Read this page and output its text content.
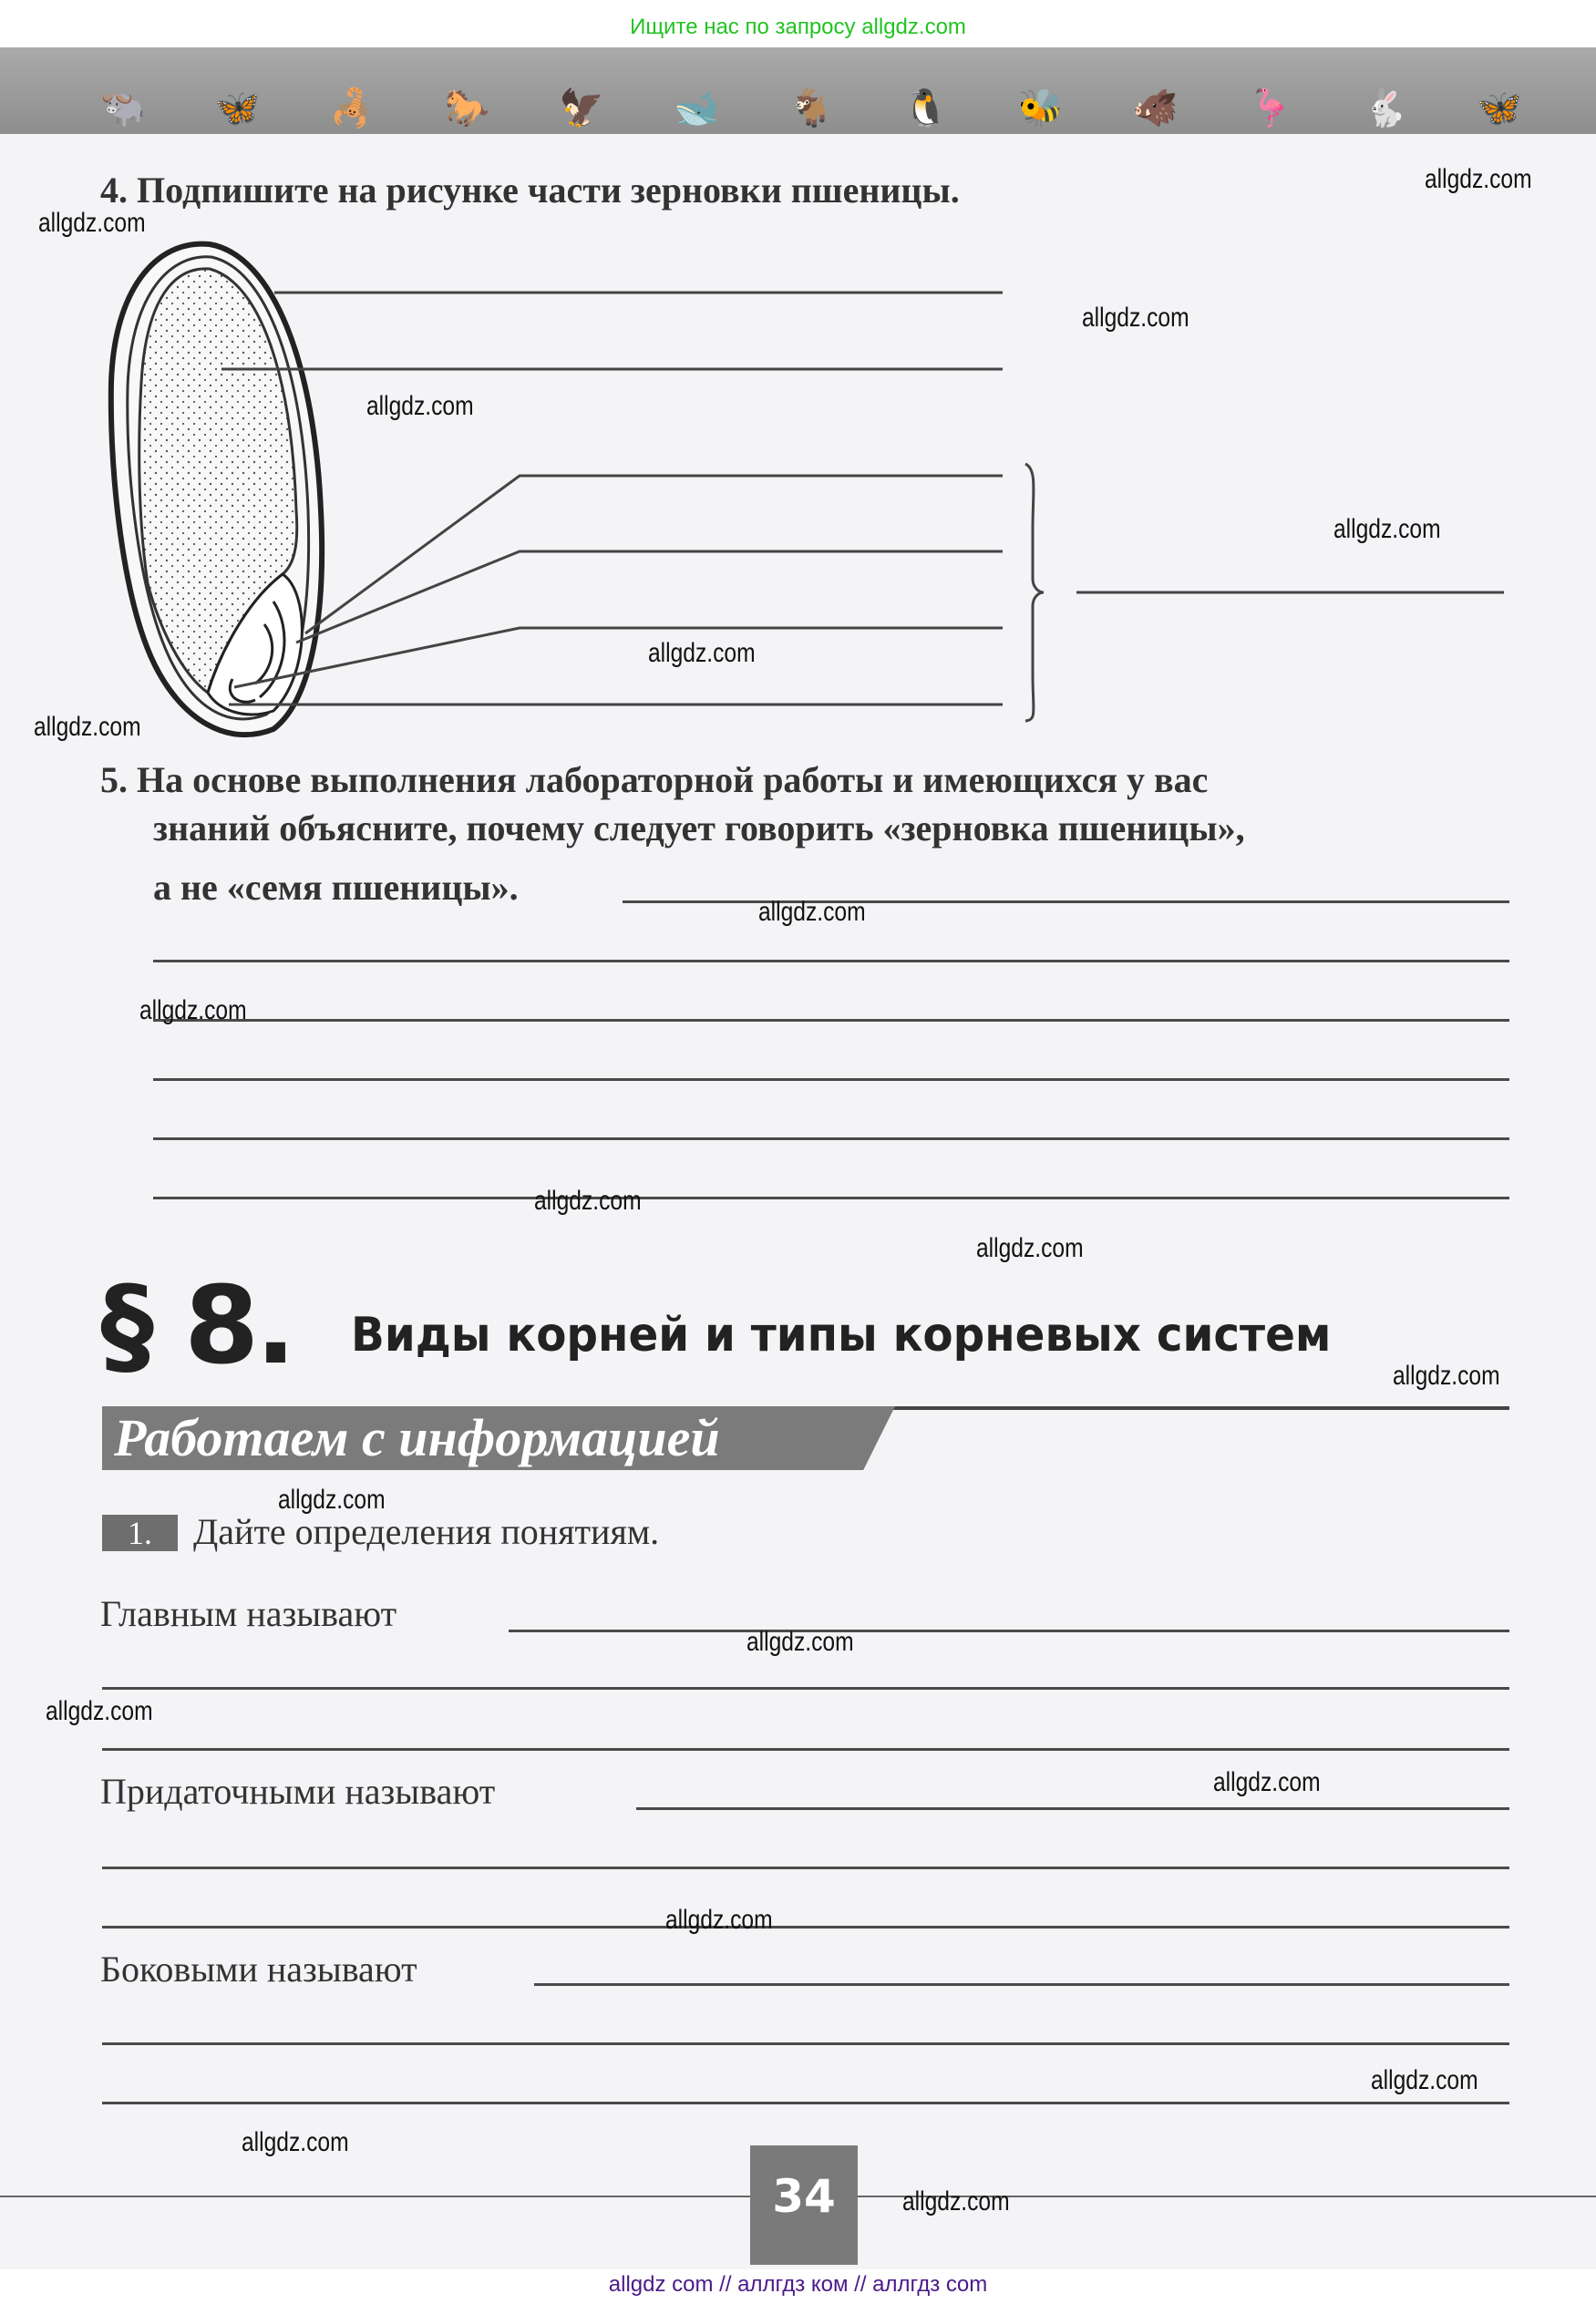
Ищите нас по запросу allgdz.com
🐃 🦋 🦂 🐎 🦅 🐋 🐐 🐧 🐝 🐗 🦩 🐇 🦋
4. Подпишите на рисунке части зерновки пшеницы.
5. На основе выполнения лабораторной работы и имеющихся у вас
знаний объясните, почему следует говорить «зерновка пшеницы»,
а не «семя пшеницы».
§ 8. Виды корней и типы корневых систем
Работаем с информацией
1.	Дайте определения понятиям.
Главным называют
Придаточными называют
Боковыми называют
34
allgdz com // аллгдз ком // аллгдз com
allgdz.com
allgdz.com
allgdz.com
allgdz.com
allgdz.com
allgdz.com
allgdz.com
allgdz.com
allgdz.com
allgdz.com
allgdz.com
allgdz.com
allgdz.com
allgdz.com
allgdz.com
allgdz.com
allgdz.com
allgdz.com
allgdz.com
allgdz.com
